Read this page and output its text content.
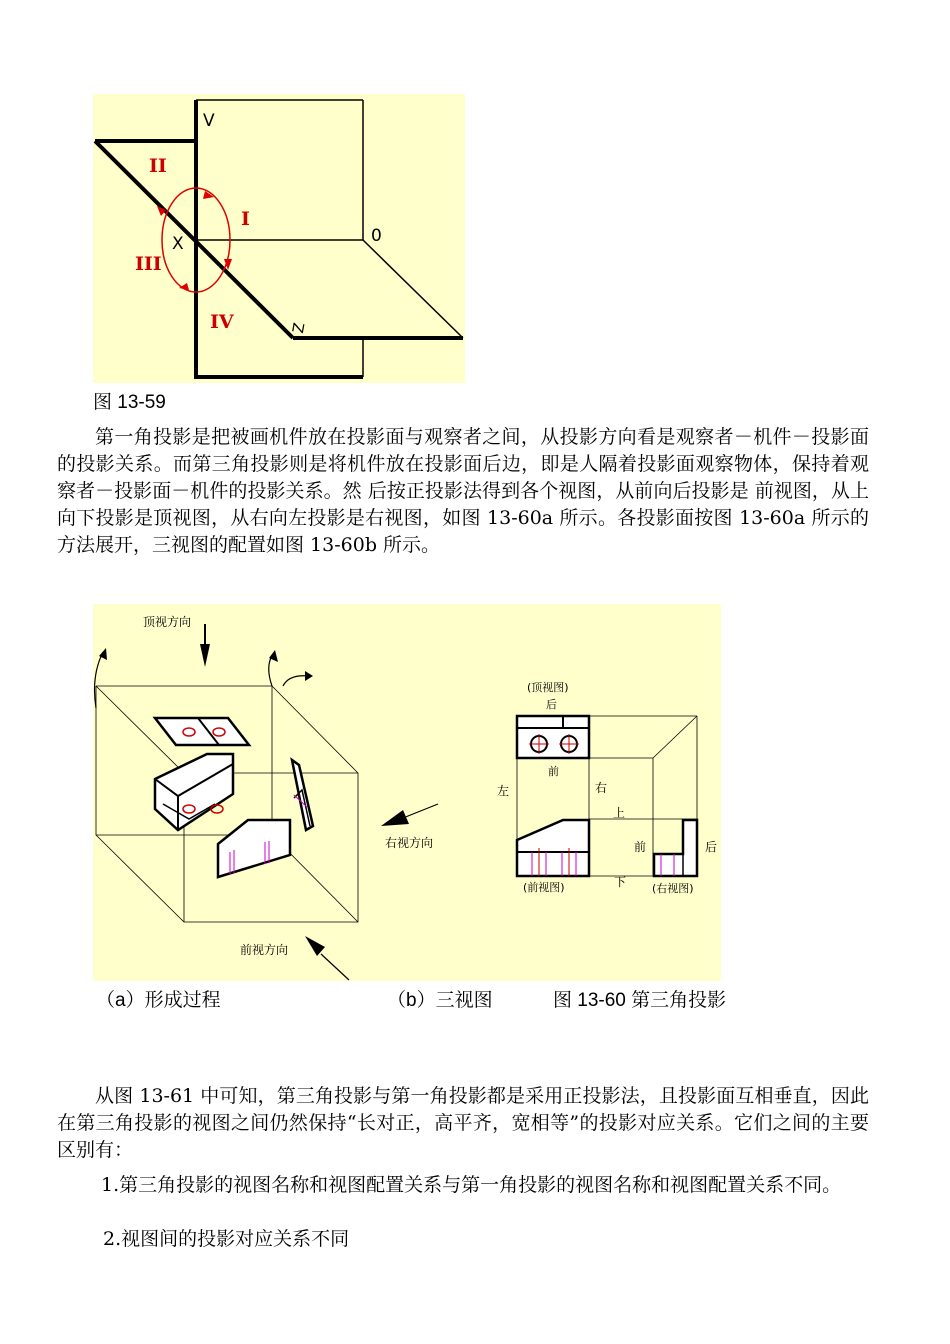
V
0
X
Z
II
I
III
IV
图 13-59

第一角投影是把被画机件放在投影面与观察者之间，从投影方向看是观察者－机件－投影面的投影关系。而第三角投影则是将机件放在投影面后边，即是人隔着投影面观察物体，保持着观察者－投影面－机件的投影关系。然 后按正投影法得到各个视图，从前向后投影是 前视图，从上向下投影是顶视图，从右向左投影是右视图，如图 13-60a 所示。各投影面按图 13-60a 所示的方法展开，三视图的配置如图 13-60b 所示。

顶视方向
右视方向
前视方向
(顶视图)
后
前
左	右
上
前	后
下
(前视图)	(右视图)
（a）形成过程	（b）三视图	图 13-60 第三角投影

从图 13-61 中可知，第三角投影与第一角投影都是采用正投影法，且投影面互相垂直，因此在第三角投影的视图之间仍然保持“长对正，高平齐，宽相等”的投影对应关系。它们之间的主要区别有：

1.第三角投影的视图名称和视图配置关系与第一角投影的视图名称和视图配置关系不同。

2.视图间的投影对应关系不同
